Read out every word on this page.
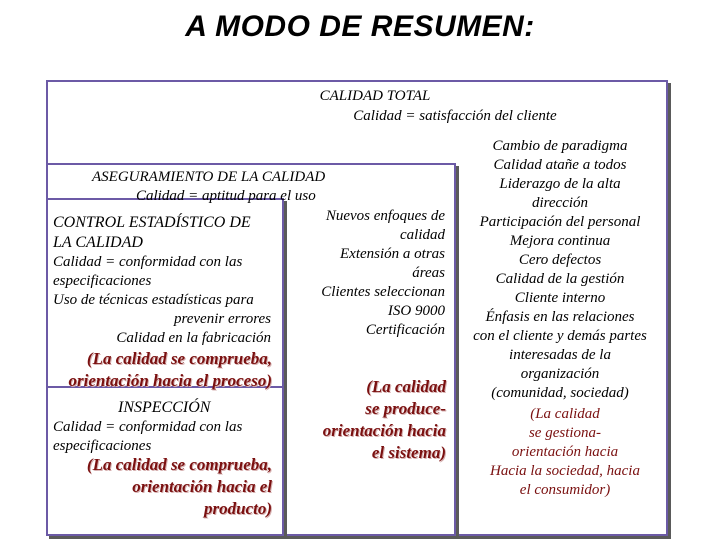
A MODO DE RESUMEN:
CALIDAD TOTAL
Calidad = satisfacción del cliente
Cambio de paradigma
Calidad atañe a todos
Liderazgo de la alta
dirección
Participación del personal
Mejora continua
Cero defectos
Calidad de la gestión
Cliente interno
Énfasis en las relaciones
con el cliente y demás partes
interesadas de la
organización
(comunidad, sociedad)
(La calidad
se gestiona-
orientación hacia
Hacia la sociedad, hacia
el consumidor)
ASEGURAMIENTO DE LA CALIDAD
Calidad = aptitud para el uso
Nuevos enfoques de
calidad
Extensión a otras
áreas
Clientes seleccionan
ISO 9000
Certificación
(La calidad
se produce-
orientación hacia
el sistema)
CONTROL ESTADÍSTICO DE
LA CALIDAD
Calidad = conformidad con las
especificaciones
Uso de técnicas estadísticas para
prevenir errores
Calidad en la fabricación
(La calidad se comprueba,
orientación hacia el proceso)
INSPECCIÓN
Calidad = conformidad con las
especificaciones
(La calidad se comprueba,
orientación hacia el
producto)
